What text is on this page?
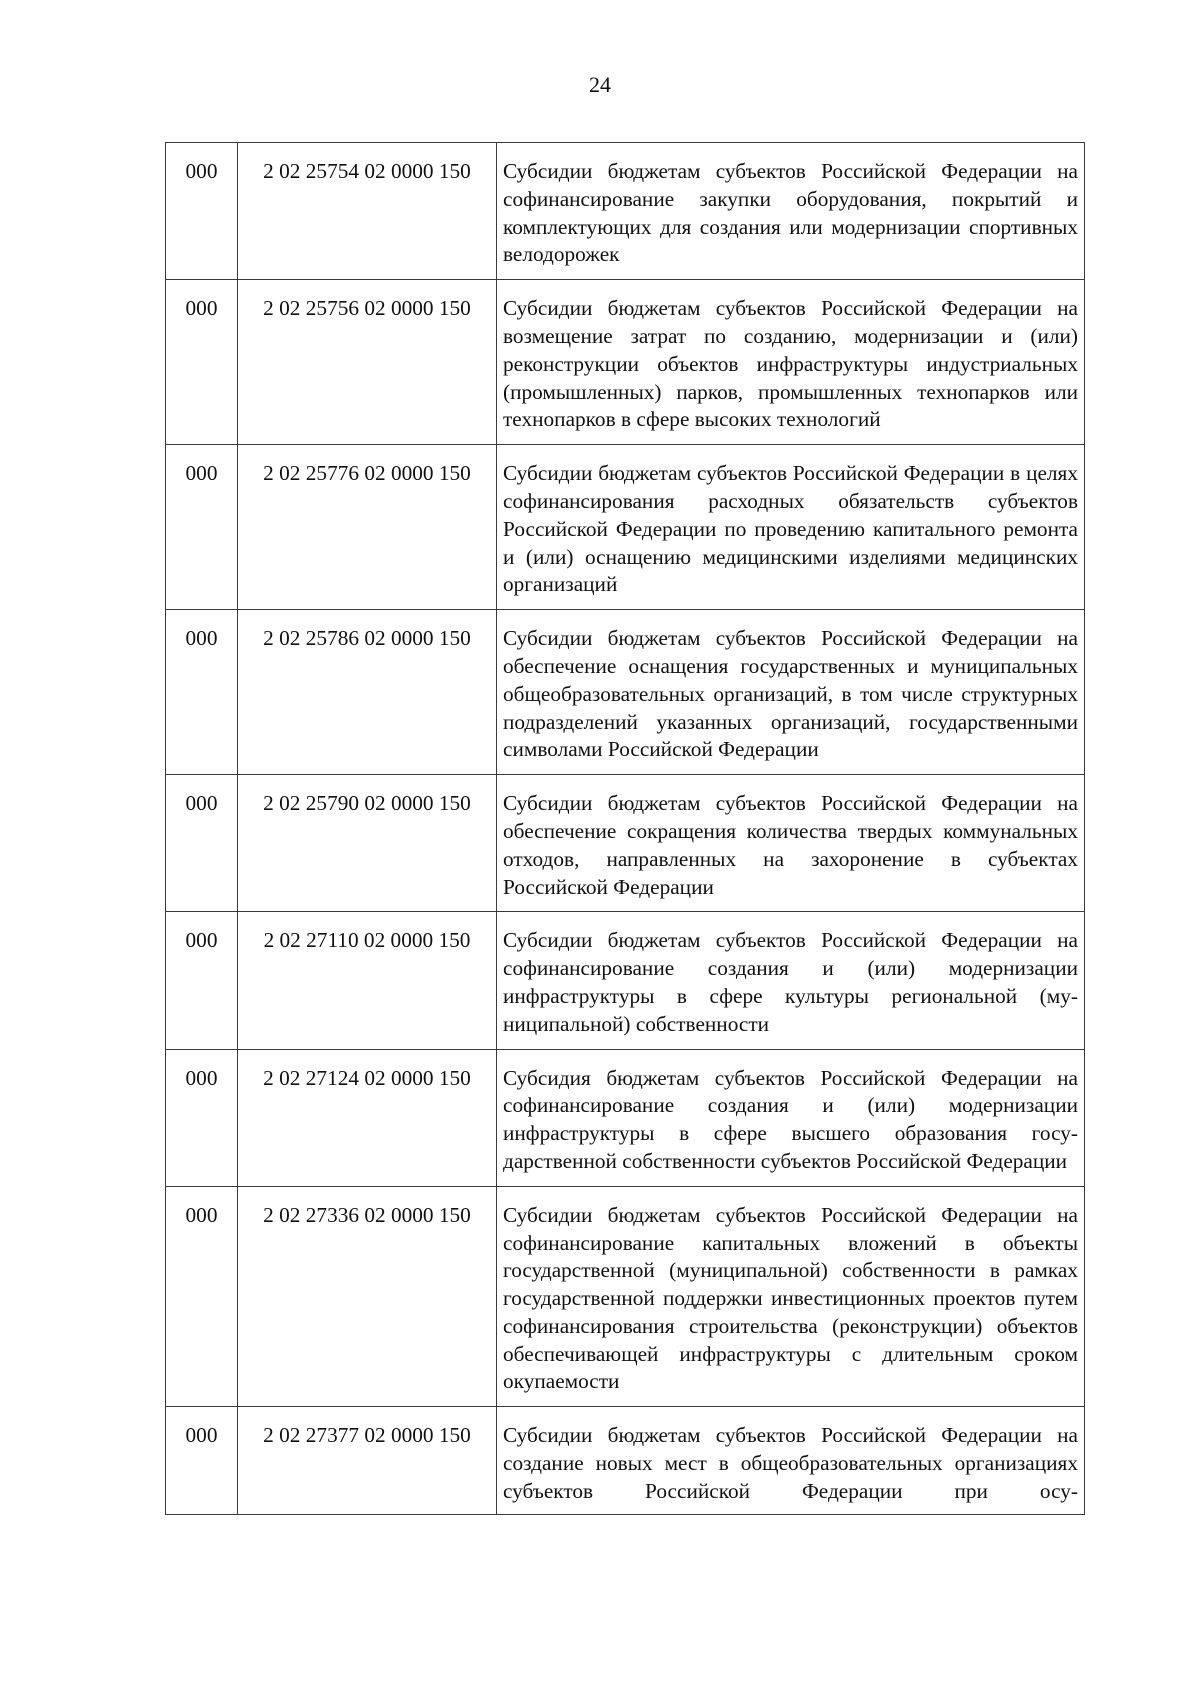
24
000	2 02 25754 02 0000 150	Субсидии бюджетам субъектов Российской Федерации на софинансирование закупки оборудования, покрытий и комплектующих для создания или модернизации спортивных велодорожек
000	2 02 25756 02 0000 150	Субсидии бюджетам субъектов Российской Федерации на возмещение затрат по созданию, модернизации и (или) реконструкции объектов инфраструктуры индустриальных (промышленных) парков, промышленных технопарков или технопарков в сфере высоких технологий
000	2 02 25776 02 0000 150	Субсидии бюджетам субъектов Российской Федерации в целях софинансирования расходных обязательств субъектов Российской Федерации по проведению капитального ремонта и (или) оснащению медицинскими изделиями медицинских организаций
000	2 02 25786 02 0000 150	Субсидии бюджетам субъектов Российской Федерации на обеспечение оснащения государственных и муниципальных общеобразовательных организаций, в том числе структурных подразделений указанных организаций, государственными символами Российской Федерации
000	2 02 25790 02 0000 150	Субсидии бюджетам субъектов Российской Федерации на обеспечение сокращения количества твердых коммунальных отходов, направленных на захоронение в субъектах Российской Федерации
000	2 02 27110 02 0000 150	Субсидии бюджетам субъектов Российской Федерации на софинансирование создания и (или) модернизации инфраструктуры в сфере культуры региональной (муниципальной) собственности
000	2 02 27124 02 0000 150	Субсидия бюджетам субъектов Российской Федерации на софинансирование создания и (или) модернизации инфраструктуры в сфере высшего образования государственной собственности субъектов Российской Федерации
000	2 02 27336 02 0000 150	Субсидии бюджетам субъектов Российской Федерации на софинансирование капитальных вложений в объекты государственной (муниципальной) собственности в рамках государственной поддержки инвестиционных проектов путем софинансирования строительства (реконструкции) объектов обеспечивающей инфраструктуры с длительным сроком окупаемости
000	2 02 27377 02 0000 150	Субсидии бюджетам субъектов Российской Федерации на создание новых мест в общеобразовательных организациях субъектов Российской Федерации при осу-
